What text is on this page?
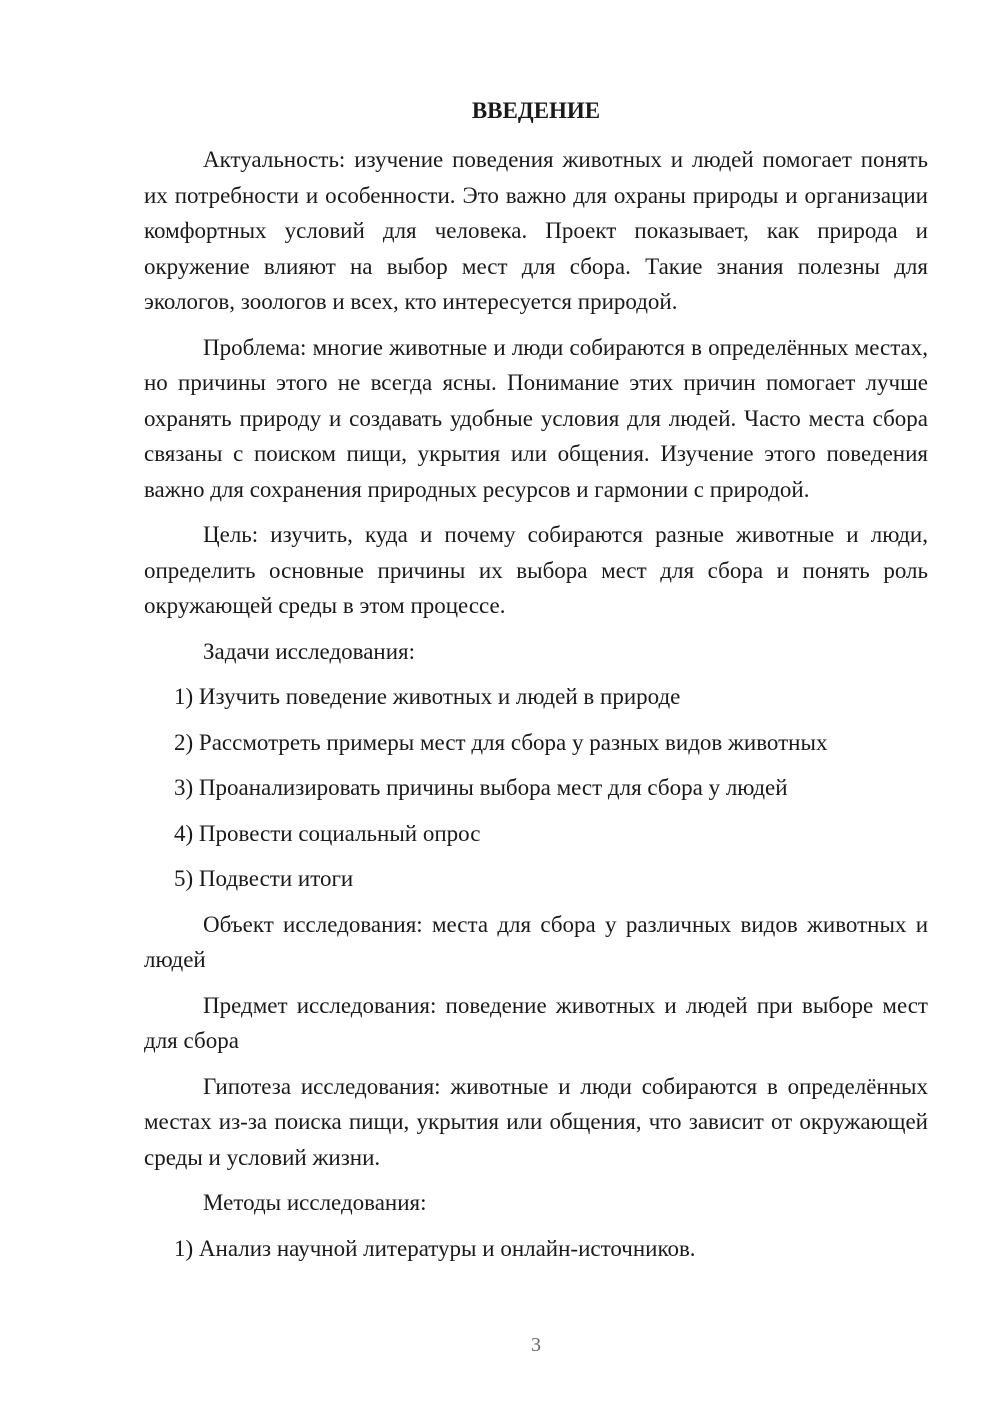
ВВЕДЕНИЕ

Актуальность: изучение поведения животных и людей помогает понять их потребности и особенности. Это важно для охраны природы и организации комфортных условий для человека. Проект показывает, как природа и окружение влияют на выбор мест для сбора. Такие знания полезны для экологов, зоологов и всех, кто интересуется природой.

Проблема: многие животные и люди собираются в определённых местах, но причины этого не всегда ясны. Понимание этих причин помогает лучше охранять природу и создавать удобные условия для людей. Часто места сбора связаны с поиском пищи, укрытия или общения. Изучение этого поведения важно для сохранения природных ресурсов и гармонии с природой.

Цель: изучить, куда и почему собираются разные животные и люди, определить основные причины их выбора мест для сбора и понять роль окружающей среды в этом процессе.

Задачи исследования:

1) Изучить поведение животных и людей в природе
2) Рассмотреть примеры мест для сбора у разных видов животных
3) Проанализировать причины выбора мест для сбора у людей
4) Провести социальный опрос
5) Подвести итоги

Объект исследования: места для сбора у различных видов животных и людей

Предмет исследования: поведение животных и людей при выборе мест для сбора

Гипотеза исследования: животные и люди собираются в определённых местах из-за поиска пищи, укрытия или общения, что зависит от окружающей среды и условий жизни.

Методы исследования:

1) Анализ научной литературы и онлайн-источников.
3
